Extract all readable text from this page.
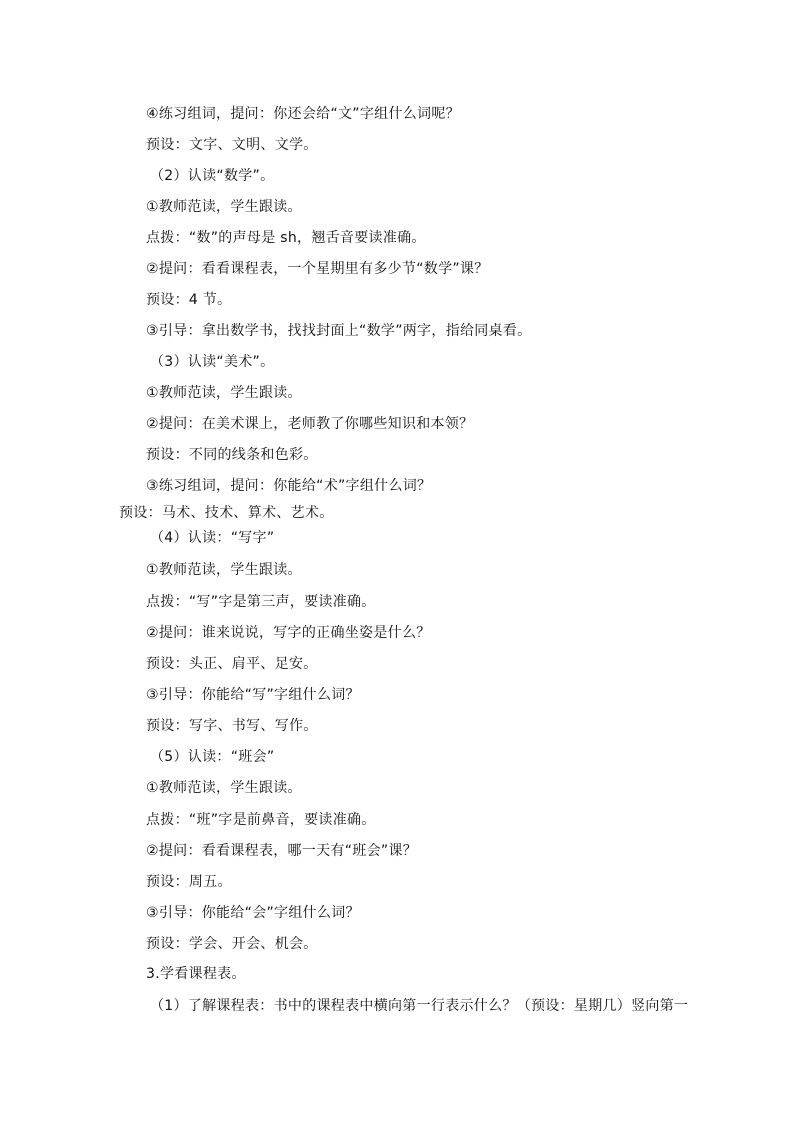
④练习组词，提问：你还会给“文”字组什么词呢？
预设：文字、文明、文学。
（2）认读“数学”。
①教师范读，学生跟读。
点拨：“数”的声母是 sh，翘舌音要读准确。
②提问：看看课程表，一个星期里有多少节“数学”课？
预设：4 节。
③引导：拿出数学书，找找封面上“数学”两字，指给同桌看。
（3）认读“美术”。
①教师范读，学生跟读。
②提问：在美术课上，老师教了你哪些知识和本领？
预设：不同的线条和色彩。
③练习组词，提问：你能给“术”字组什么词？
预设：马术、技术、算术、艺术。
（4）认读：“写字”
①教师范读，学生跟读。
点拨：“写”字是第三声，要读准确。
②提问：谁来说说，写字的正确坐姿是什么？
预设：头正、肩平、足安。
③引导：你能给“写”字组什么词？
预设：写字、书写、写作。
（5）认读：“班会”
①教师范读，学生跟读。
点拨：“班”字是前鼻音，要读准确。
②提问：看看课程表，哪一天有“班会”课？
预设：周五。
③引导：你能给“会”字组什么词？
预设：学会、开会、机会。
3.学看课程表。
（1）了解课程表：书中的课程表中横向第一行表示什么？（预设：星期几）竖向第一
